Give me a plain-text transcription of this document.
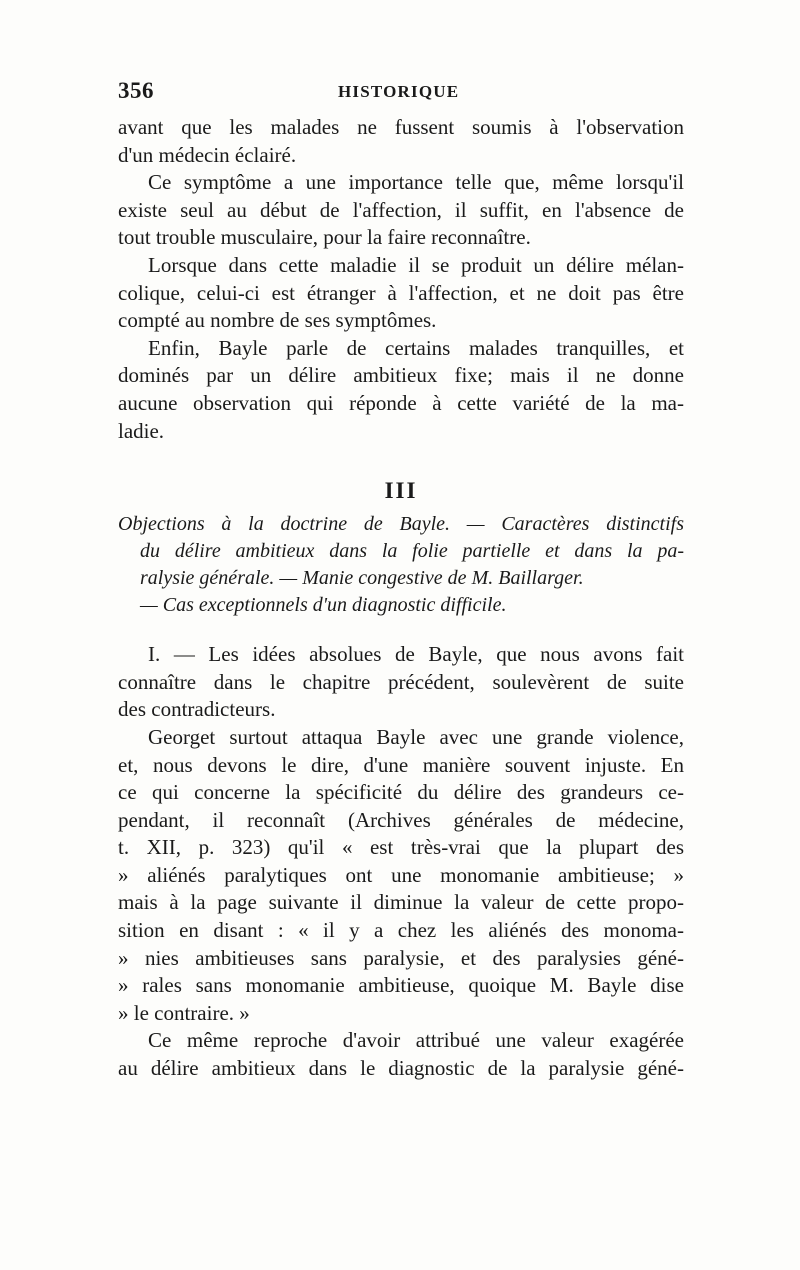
356	HISTORIQUE
avant que les malades ne fussent soumis à l'observation
d'un médecin éclairé.
Ce symptôme a une importance telle que, même lorsqu'il
existe seul au début de l'affection, il suffit, en l'absence de
tout trouble musculaire, pour la faire reconnaître.
Lorsque dans cette maladie il se produit un délire mélan-
colique, celui-ci est étranger à l'affection, et ne doit pas être
compté au nombre de ses symptômes.
Enfin, Bayle parle de certains malades tranquilles, et
dominés par un délire ambitieux fixe; mais il ne donne
aucune observation qui réponde à cette variété de la ma-
ladie.
III
Objections à la doctrine de Bayle. — Caractères distinctifs
du délire ambitieux dans la folie partielle et dans la pa-
ralysie générale. — Manie congestive de M. Baillarger.
— Cas exceptionnels d'un diagnostic difficile.
I. — Les idées absolues de Bayle, que nous avons fait
connaître dans le chapitre précédent, soulevèrent de suite
des contradicteurs.
Georget surtout attaqua Bayle avec une grande violence,
et, nous devons le dire, d'une manière souvent injuste. En
ce qui concerne la spécificité du délire des grandeurs ce-
pendant, il reconnaît (Archives générales de médecine,
t. XII, p. 323) qu'il « est très-vrai que la plupart des
» aliénés paralytiques ont une monomanie ambitieuse; »
mais à la page suivante il diminue la valeur de cette propo-
sition en disant : « il y a chez les aliénés des monoma-
» nies ambitieuses sans paralysie, et des paralysies géné-
» rales sans monomanie ambitieuse, quoique M. Bayle dise
» le contraire. »
Ce même reproche d'avoir attribué une valeur exagérée
au délire ambitieux dans le diagnostic de la paralysie géné-
